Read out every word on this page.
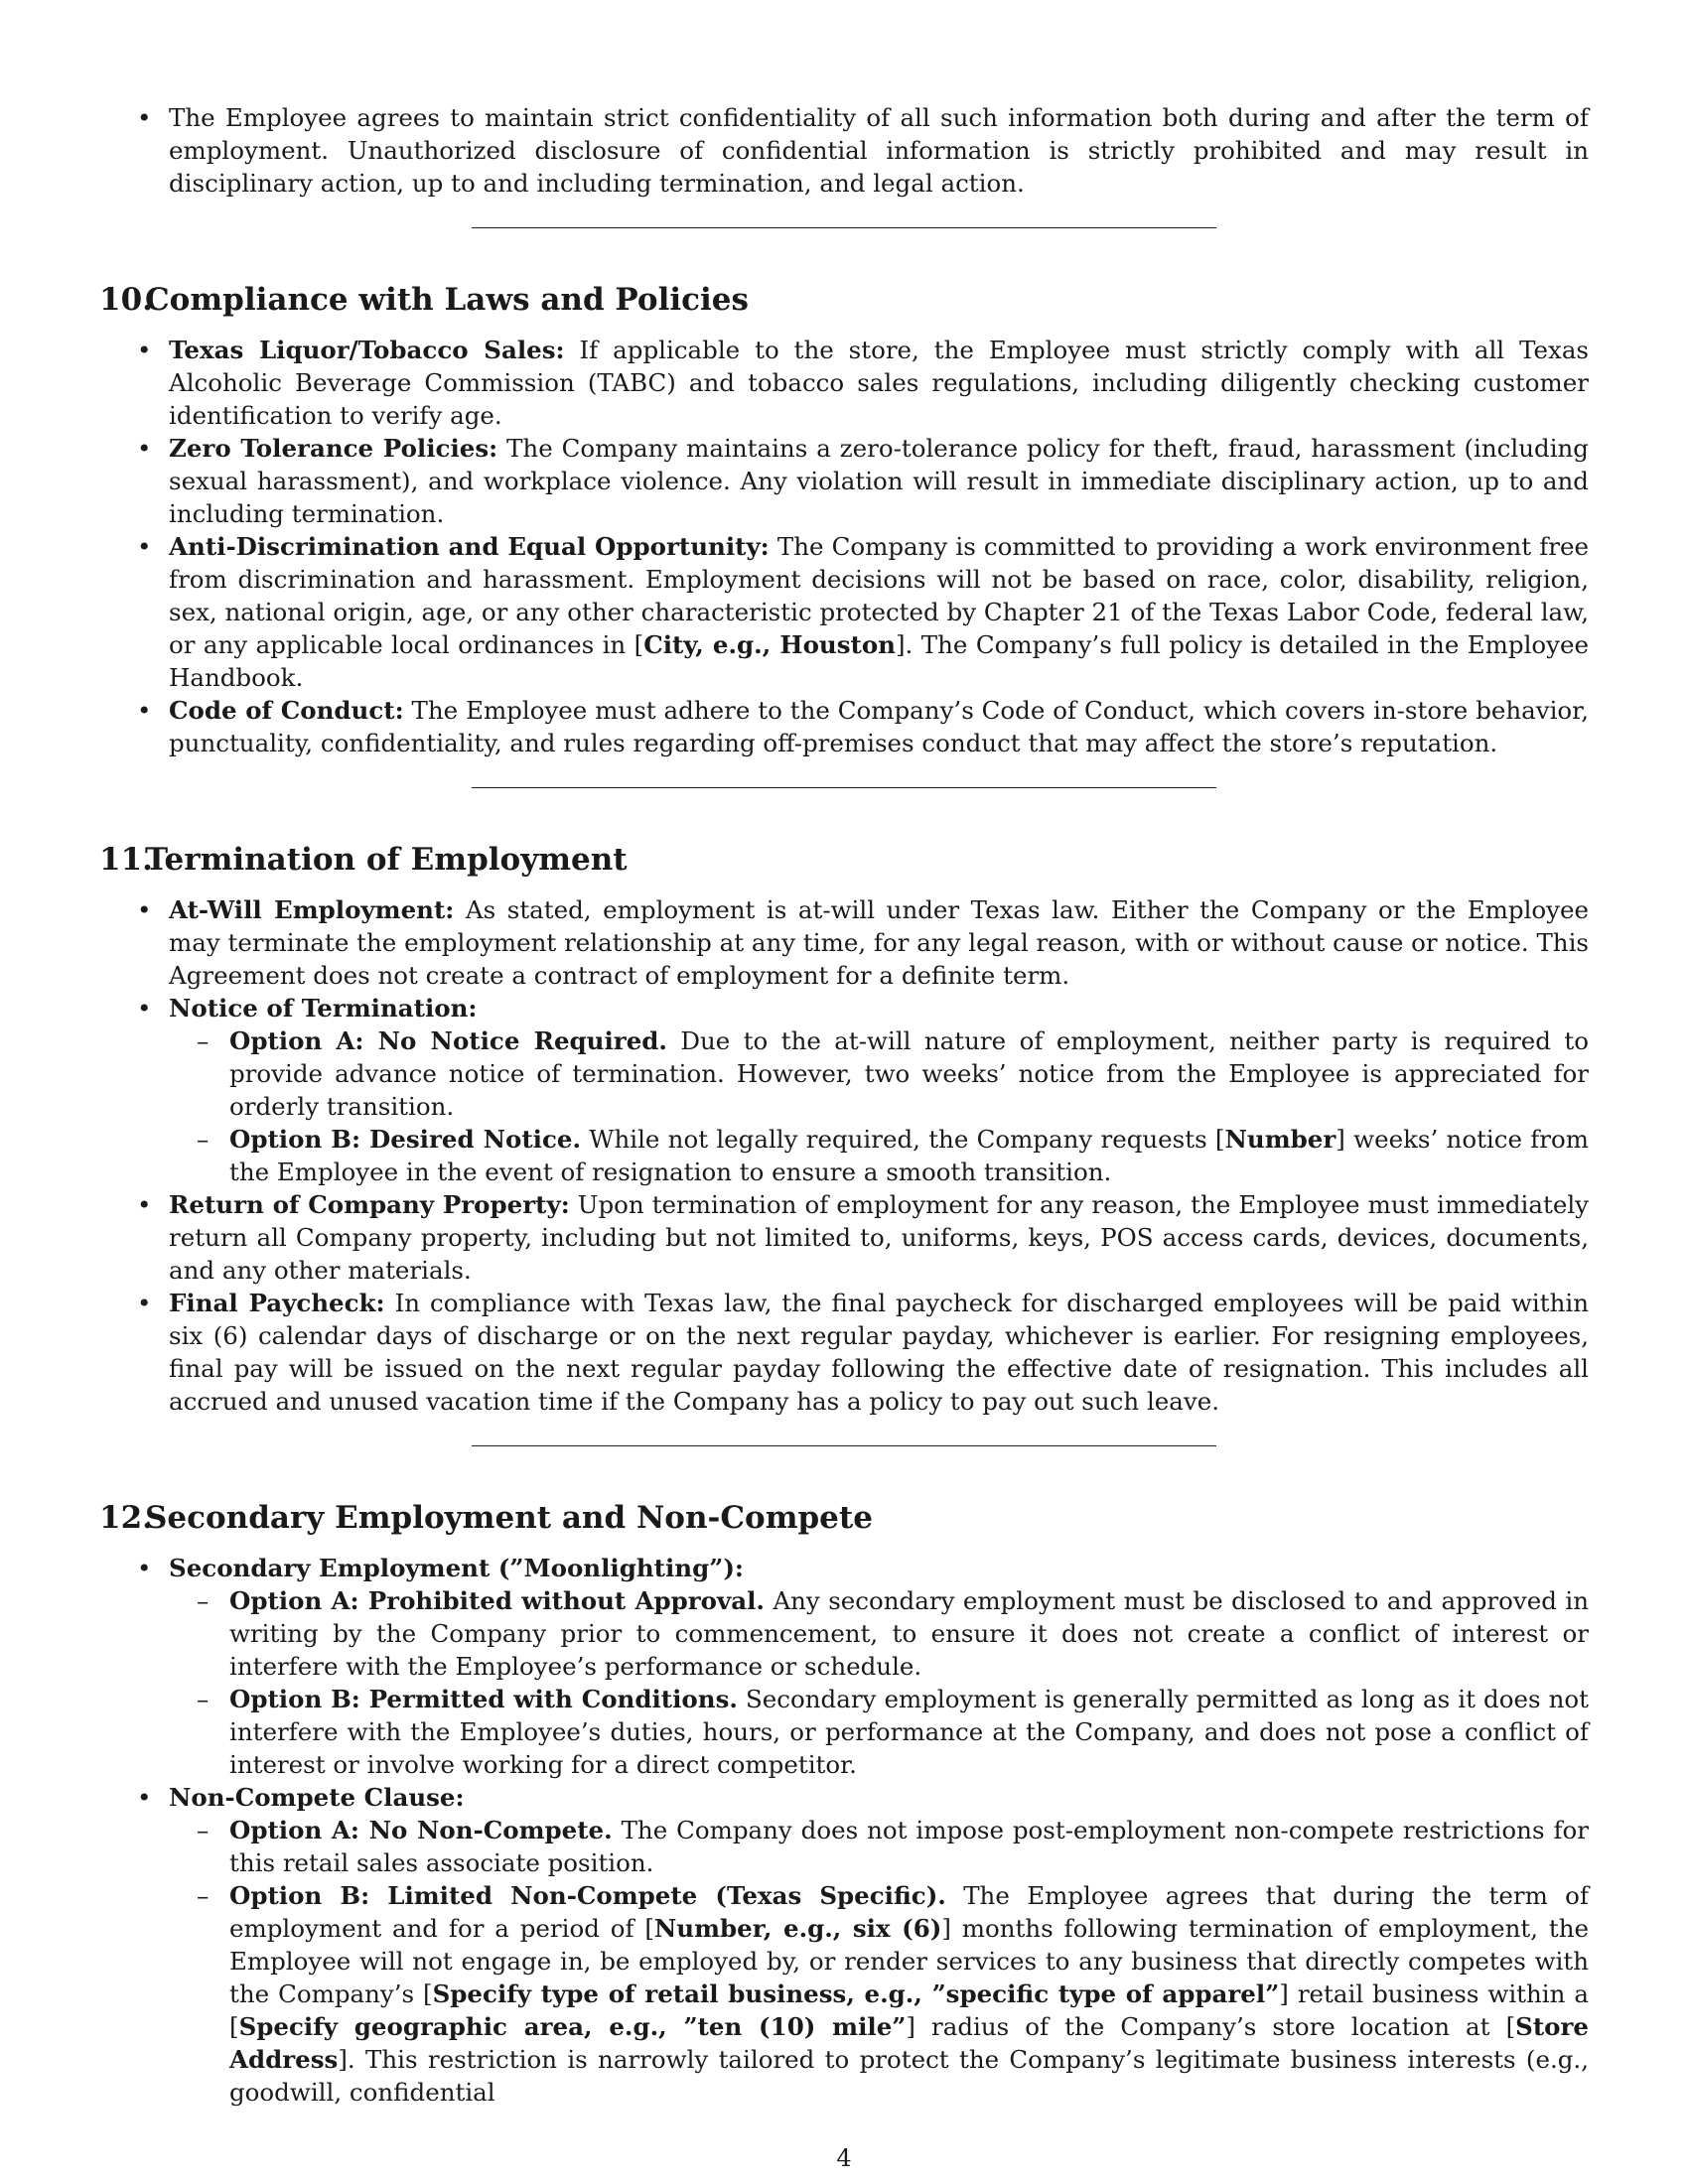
• The Employee agrees to maintain strict confidentiality of all such information both during and after the term of employment. Unauthorized disclosure of confidential information is strictly prohibited and may result in disciplinary action, up to and including termination, and legal action.

10.Compliance with Laws and Policies

• Texas Liquor/Tobacco Sales: If applicable to the store, the Employee must strictly comply with all Texas Alcoholic Beverage Commission (TABC) and tobacco sales regulations, including diligently checking customer identification to verify age.

• Zero Tolerance Policies: The Company maintains a zero-tolerance policy for theft, fraud, harassment (including sexual harassment), and workplace violence. Any violation will result in immediate disciplinary action, up to and including termination.

• Anti-Discrimination and Equal Opportunity: The Company is committed to providing a work environment free from discrimination and harassment. Employment decisions will not be based on race, color, disability, religion, sex, national origin, age, or any other characteristic protected by Chapter 21 of the Texas Labor Code, federal law, or any applicable local ordinances in [City, e.g., Houston]. The Company’s full policy is detailed in the Employee Handbook.

• Code of Conduct: The Employee must adhere to the Company’s Code of Conduct, which covers in-store behavior, punctuality, confidentiality, and rules regarding off-premises conduct that may affect the store’s reputation.

11.Termination of Employment

• At-Will Employment: As stated, employment is at-will under Texas law. Either the Company or the Employee may terminate the employment relationship at any time, for any legal reason, with or without cause or notice. This Agreement does not create a contract of employment for a definite term.

• Notice of Termination:

– Option A: No Notice Required. Due to the at-will nature of employment, neither party is required to provide advance notice of termination. However, two weeks’ notice from the Employee is appreciated for orderly transition.

– Option B: Desired Notice. While not legally required, the Company requests [Number] weeks’ notice from the Employee in the event of resignation to ensure a smooth transition.

• Return of Company Property: Upon termination of employment for any reason, the Employee must immediately return all Company property, including but not limited to, uniforms, keys, POS access cards, devices, documents, and any other materials.

• Final Paycheck: In compliance with Texas law, the final paycheck for discharged employees will be paid within six (6) calendar days of discharge or on the next regular payday, whichever is earlier. For resigning employees, final pay will be issued on the next regular payday following the effective date of resignation. This includes all accrued and unused vacation time if the Company has a policy to pay out such leave.

12.Secondary Employment and Non-Compete

• Secondary Employment (”Moonlighting”):

– Option A: Prohibited without Approval. Any secondary employment must be disclosed to and approved in writing by the Company prior to commencement, to ensure it does not create a conflict of interest or interfere with the Employee’s performance or schedule.

– Option B: Permitted with Conditions. Secondary employment is generally permitted as long as it does not interfere with the Employee’s duties, hours, or performance at the Company, and does not pose a conflict of interest or involve working for a direct competitor.

• Non-Compete Clause:

– Option A: No Non-Compete. The Company does not impose post-employment non-compete restrictions for this retail sales associate position.

– Option B: Limited Non-Compete (Texas Specific). The Employee agrees that during the term of employment and for a period of [Number, e.g., six (6)] months following termination of employment, the Employee will not engage in, be employed by, or render services to any business that directly competes with the Company’s [Specify type of retail business, e.g., ”specific type of apparel”] retail business within a [Specify geographic area, e.g., ”ten (10) mile”] radius of the Company’s store location at [Store Address]. This restriction is narrowly tailored to protect the Company’s legitimate business interests (e.g., goodwill, confidential

4
